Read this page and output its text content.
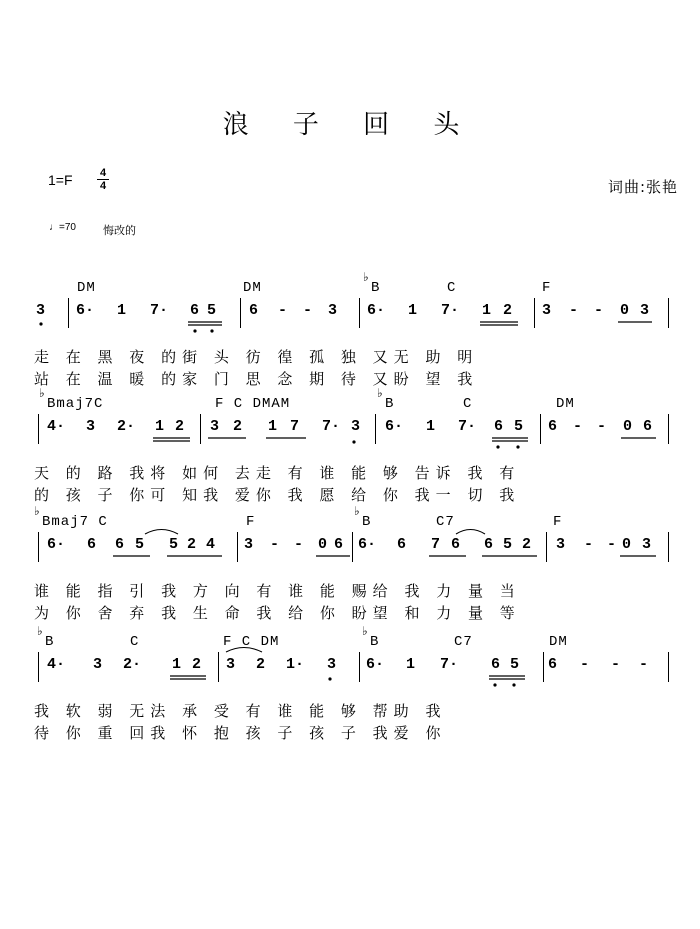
浪 子 回 头
1=F 4
4	词曲:张艳
♩=70 悔改的
DM	DM
♭
B	C	F
3 6· 1 7· 6 5 6 - - 3 6· 1 7· 1 2 3 - - 0 3
走 在 黑 夜 的街 头 彷 徨 孤 独 又无 助 明
站 在 温 暖 的家 门 思 念 期 待 又盼 望 我
♭
Bmaj7C	F C DMAM
♭
B	C	DM
4· 3 2· 1 2 3 2 1 7 7· 3 6· 1 7· 6 5 6 - - 0 6
天 的 路 我将 如何 去走 有 谁 能 够 告诉 我 有
的 孩 子 你可 知我 爱你 我 愿 给 你 我一 切 我
♭
Bmaj7 C	F
♭
B	C7	F
6· 6 6 5 5 2 4 3 - - 0 6 6· 6 7 6 6 5 2 3 - - 0 3
谁 能 指 引 我 方 向 有 谁 能 赐给 我 力 量 当
为 你 舍 弃 我 生 命 我 给 你 盼望 和 力 量 等
♭
B	C	F C DM
♭
B	C7	DM
4· 3 2· 1 2 3 2 1· 3 6· 1 7· 6 5 6 - - -
我 软 弱 无法 承 受 有 谁 能 够 帮助 我
待 你 重 回我 怀 抱 孩 子 孩 子 我爱 你
